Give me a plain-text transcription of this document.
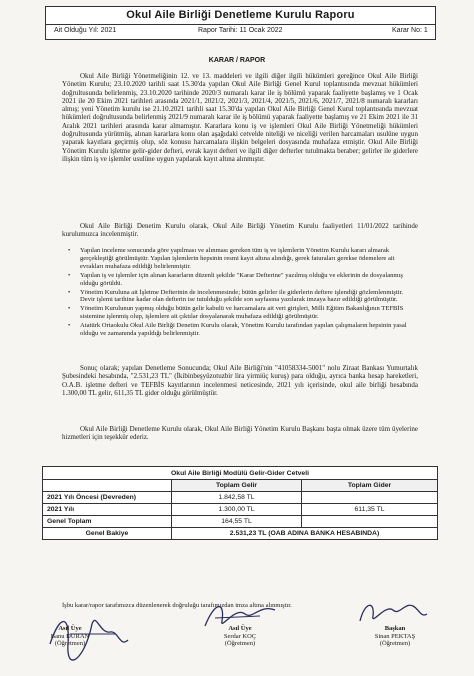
Okul Aile Birliği Denetleme Kurulu Raporu
Ait Olduğu Yıl: 2021	Rapor Tarihi: 11 Ocak 2022	Karar No: 1
KARAR / RAPOR
Okul Aile Birliği Yönetmeliğinin 12. ve 13. maddeleri ve ilgili diğer ilgili hükümleri gereğince Okul Aile Birliği Yönetim Kurulu; 23.10.2020 tarihli saat 15.30'da yapılan Okul Aile Birliği Genel Kurul toplantısında mevzuat hükümleri doğrultusunda belirlenmiş, 23.10.2020 tarihinde 2020/3 numaralı karar ile iş bölümü yaparak faaliyette başlamış ve 1 Ocak 2021 ile 20 Ekim 2021 tarihleri arasında 2021/1, 2021/2, 2021/3, 2021/4, 2021/5, 2021/6, 2021/7, 2021/8 numaralı kararları almış; yeni Yönetim kurulu ise 21.10.2021 tarihli saat 15.30'da yapılan Okul Aile Birliği Genel Kurul toplantısında mevzuat hükümleri doğrultusunda belirlenmiş 2021/9 numaralı karar ile iş bölümü yaparak faaliyette başlamış ve 21 Ekim 2021 ile 31 Aralık 2021 tarihleri arasında karar almamıştır. Kararlara konu iş ve işlemleri Okul Aile Birliği Yönetmeliği hükümleri doğrultusunda yürütmüş, alınan kararlara konu olan aşağıdaki cetvelde niteliği ve niceliği verilen harcamaları usulüne uygun yaparak kayıtlara geçirmiş olup, söz konusu harcamalara ilişkin belgeleri dosyasında muhafaza etmiştir. Okul Aile Birliği Yönetim Kurulu işletme gelir-gider defteri, evrak kayıt defteri ve ilgili diğer defterler tutulmakta beraber; gelirler ile giderlere ilişkin tüm iş ve işlemler usulüne uygun yapılarak kayıt altına alınmıştır.
Okul Aile Birliği Denetim Kurulu olarak, Okul Aile Birliği Yönetim Kurulu faaliyetleri 11/01/2022 tarihinde kurulumuzca incelenmiştir.
• Yapılan inceleme sonucunda göre yapılması ve alınması gereken tüm iş ve işlemlerin Yönetim Kurulu kararı almarak gerçekleştiği görülmüştür. Yapılan işlemlerin hepsinin resmi kayıt altına alındığı, gerek faturaları gerekse ödemelere ait evrakları muhafaza edildiği belirlenmiştir.
• Yapılan iş ve işlemler için alınan kararların düzenli şekilde "Karar Defterine" yazılmış olduğu ve eklerinin de dosyalanmış olduğu görüldü.
• Yönetim Kuruluna ait İşletme Defterinin de incelenmesinde; bütün gelirler ile giderlerin deftere işlendiği gözlemlenmiştir. Devir işlemi tarihine kadar olan defterin ise tutulduğu şekilde son sayfasına yazılarak imzaya hazır edildiği görülmüştür.
• Yönetim Kurulunun yapmış olduğu bütün gelir kabulü ve harcamalara ait veri girişleri, Milli Eğitim Bakanlığının TEFBİS sistemine işlenmiş olup, işlemlere ait çıktılar dosyalanarak muhafaza edildiği görülmüştür.
• Atatürk Ortaokulu Okul Aile Birliği Denetim Kurulu olarak, Yönetim Kurulu tarafından yapılan çalışmaların hepsinin yasal olduğu ve zamanında yapıldığı belirlenmiştir.
Sonuç olarak; yapılan Denetleme Sonucunda; Okul Aile Birliği'nin "41058334-5001" nolu Ziraat Bankası Yumurtalık Şubesindeki hesabında, "2.531,23 TL" (İkibinbeşyüzotuzbir lira yirmiüç kuruş) para olduğu, ayrıca banka hesap hareketleri, O.A.B. işletme defteri ve TEFBİS kayıtlarının incelenmesi neticesinde, 2021 yılı içerisinde, okul aile birliği hesabında 1.300,00 TL gelir, 611,35 TL gider olduğu görülmüştür.
Okul Aile Birliği Denetleme Kurulu olarak, Okul Aile Birliği Yönetim Kurulu Başkanı başta olmak üzere tüm üyelerine hizmetleri için teşekkür ederiz.
Okul Aile Birliği Modülü Gelir-Gider Cetveli		
	Toplam Gelir	Toplam Gider
2021 Yılı Öncesi (Devreden)	1.842,58 TL	
2021 Yılı	1.300,00 TL	611,35 TL
Genel Toplam	164,55 TL	
Genel Bakiye	2.531,23 TL (OAB ADINA BANKA HESABINDA)	
İşbu karar/rapor tarafımızca düzenlenerek doğruluğu tarafımızdan imza altına alınmıştır.
Asıl Üye
Banu DURAN
(Öğretmen)
Asıl Üye
Serdar KOÇ
(Öğretmen)
Başkan
Sinan PEKTAŞ
(Öğretmen)
